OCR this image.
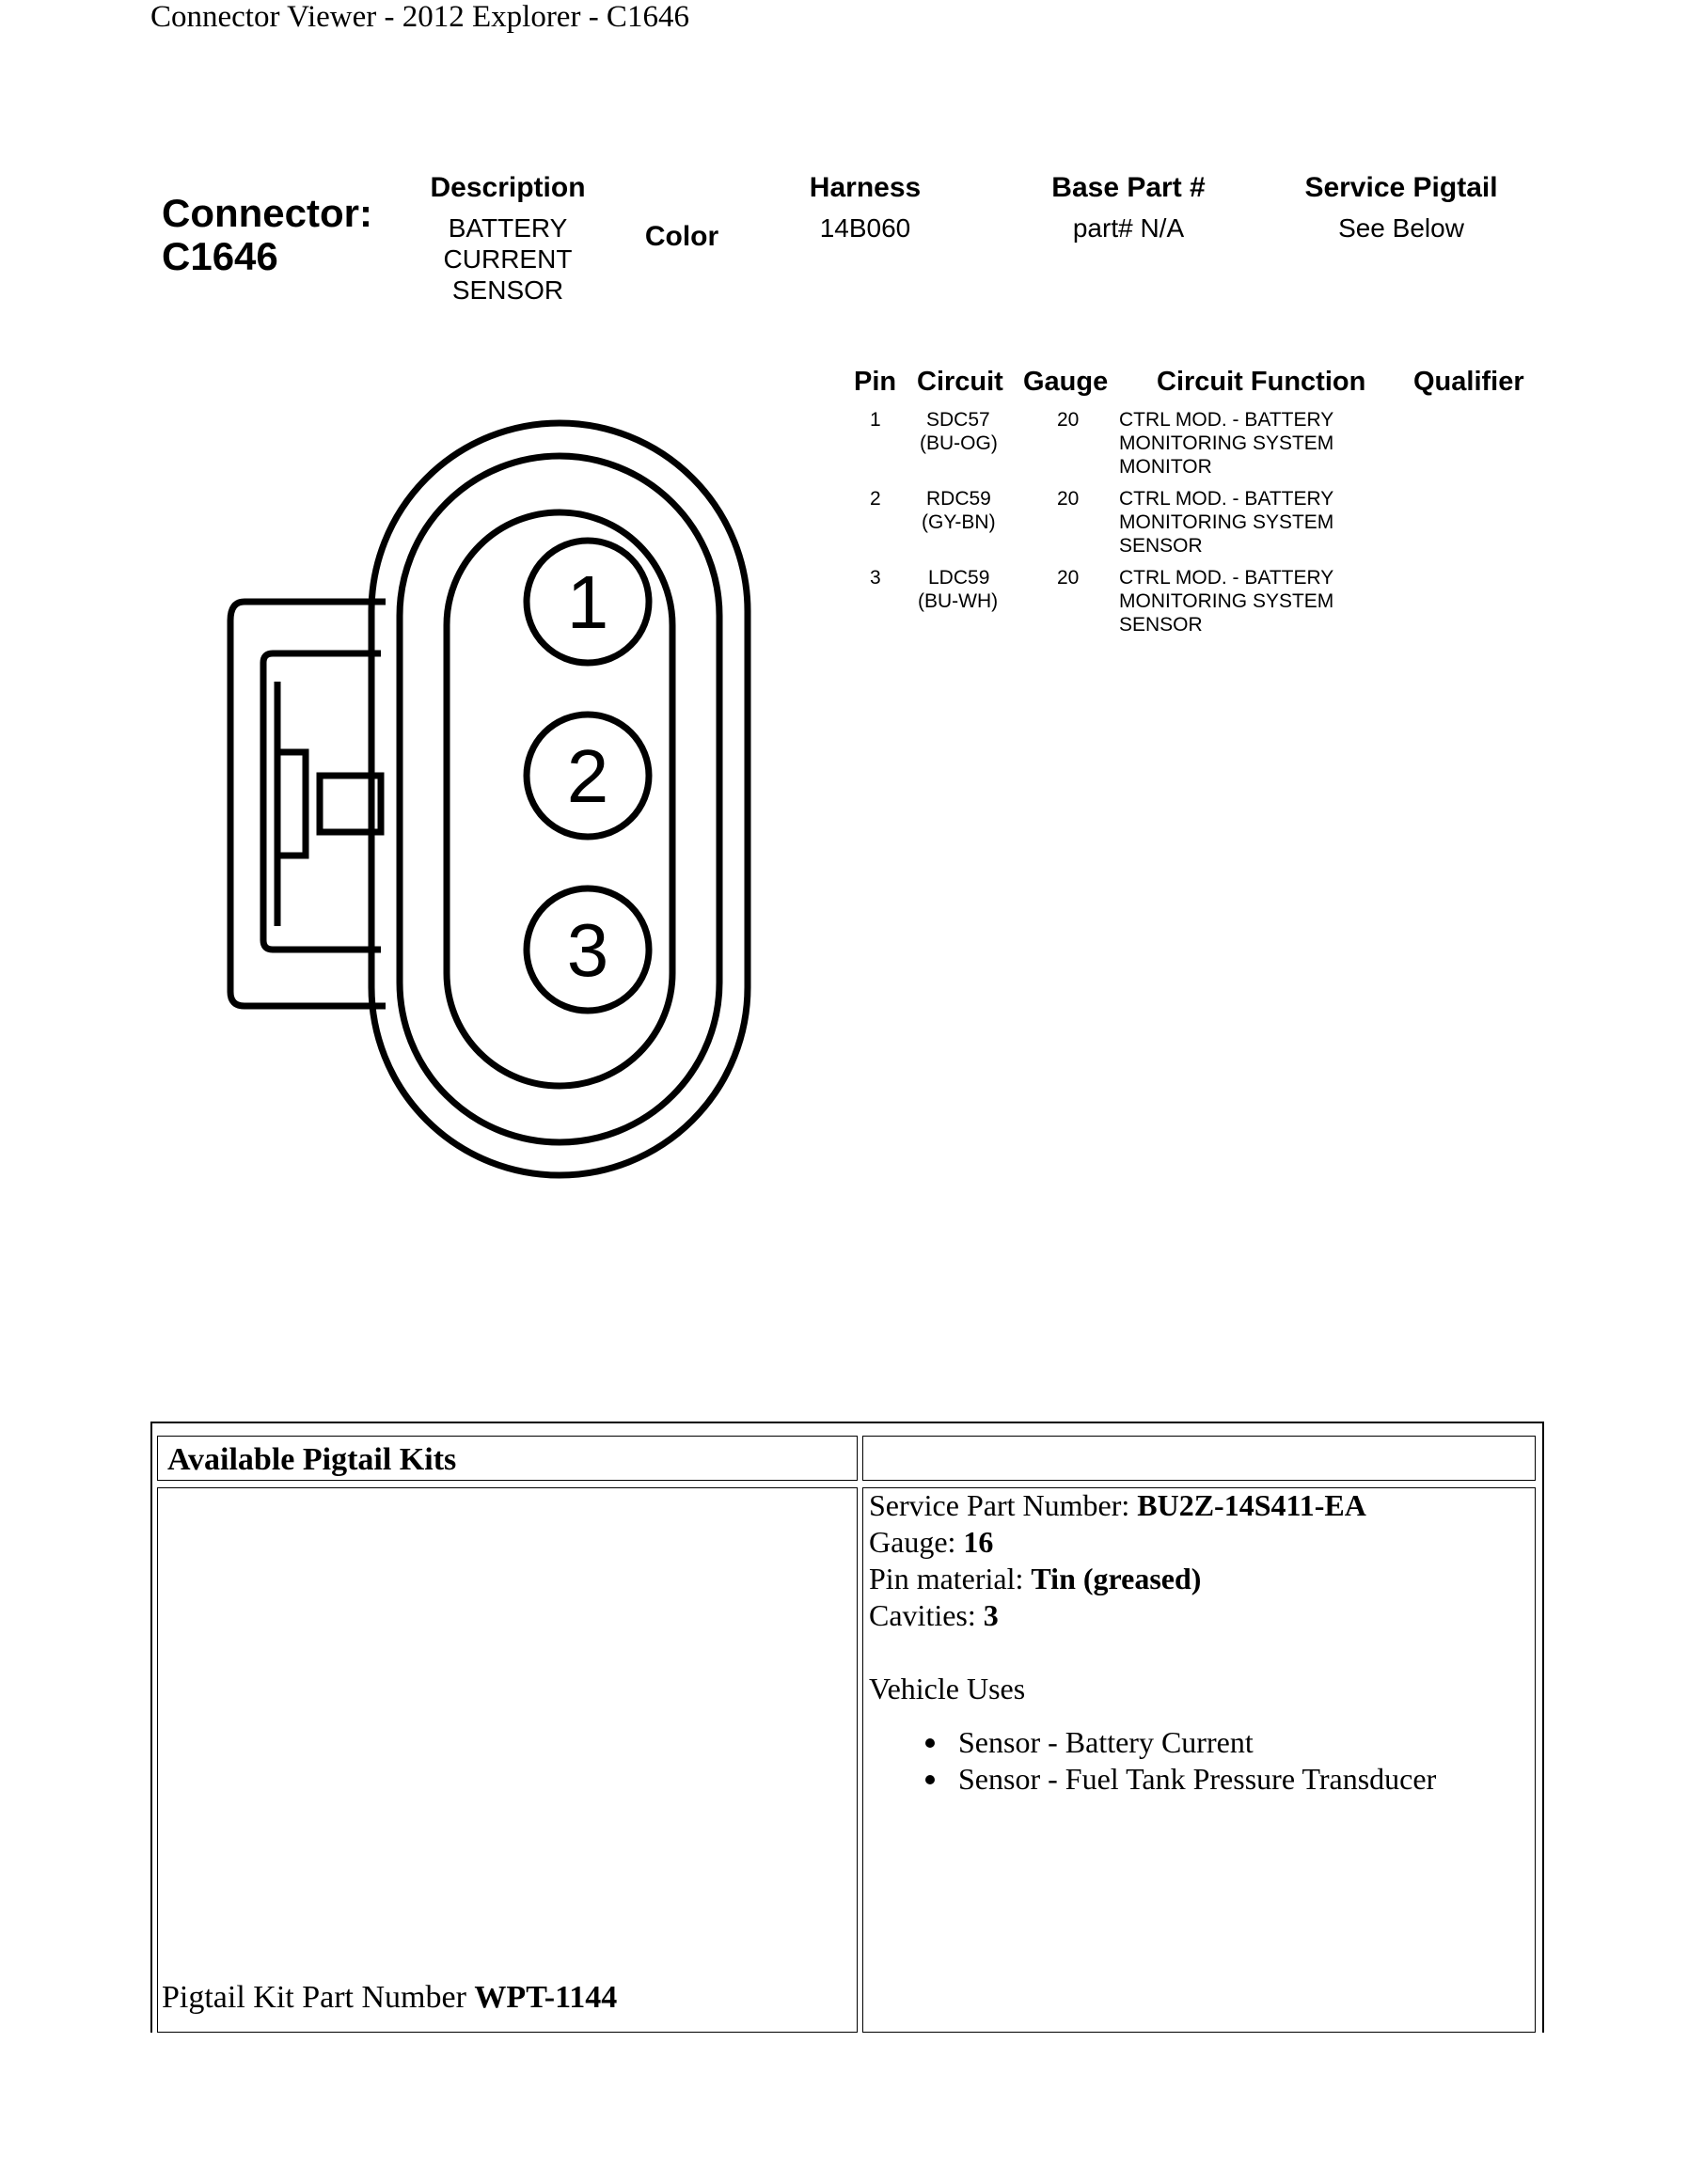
Connector Viewer - 2012 Explorer - C1646
Connector:
C1646
Description
BATTERY
CURRENT
SENSOR
Color
Harness
14B060
Base Part #
part# N/A
Service Pigtail
See Below
Pin Circuit Gauge Circuit Function Qualifier
1 SDC57
(BU-OG)
20 CTRL MOD. - BATTERY
MONITORING SYSTEM
MONITOR
2 RDC59
(GY-BN)
20 CTRL MOD. - BATTERY
MONITORING SYSTEM
SENSOR
3 LDC59
(BU-WH)
20 CTRL MOD. - BATTERY
MONITORING SYSTEM
SENSOR
1
2
3
Available Pigtail Kits
Service Part Number: BU2Z-14S411-EA
Gauge: 16
Pin material: Tin (greased)
Cavities: 3
Vehicle Uses
Sensor - Battery Current
Sensor - Fuel Tank Pressure Transducer
Pigtail Kit Part Number WPT-1144
